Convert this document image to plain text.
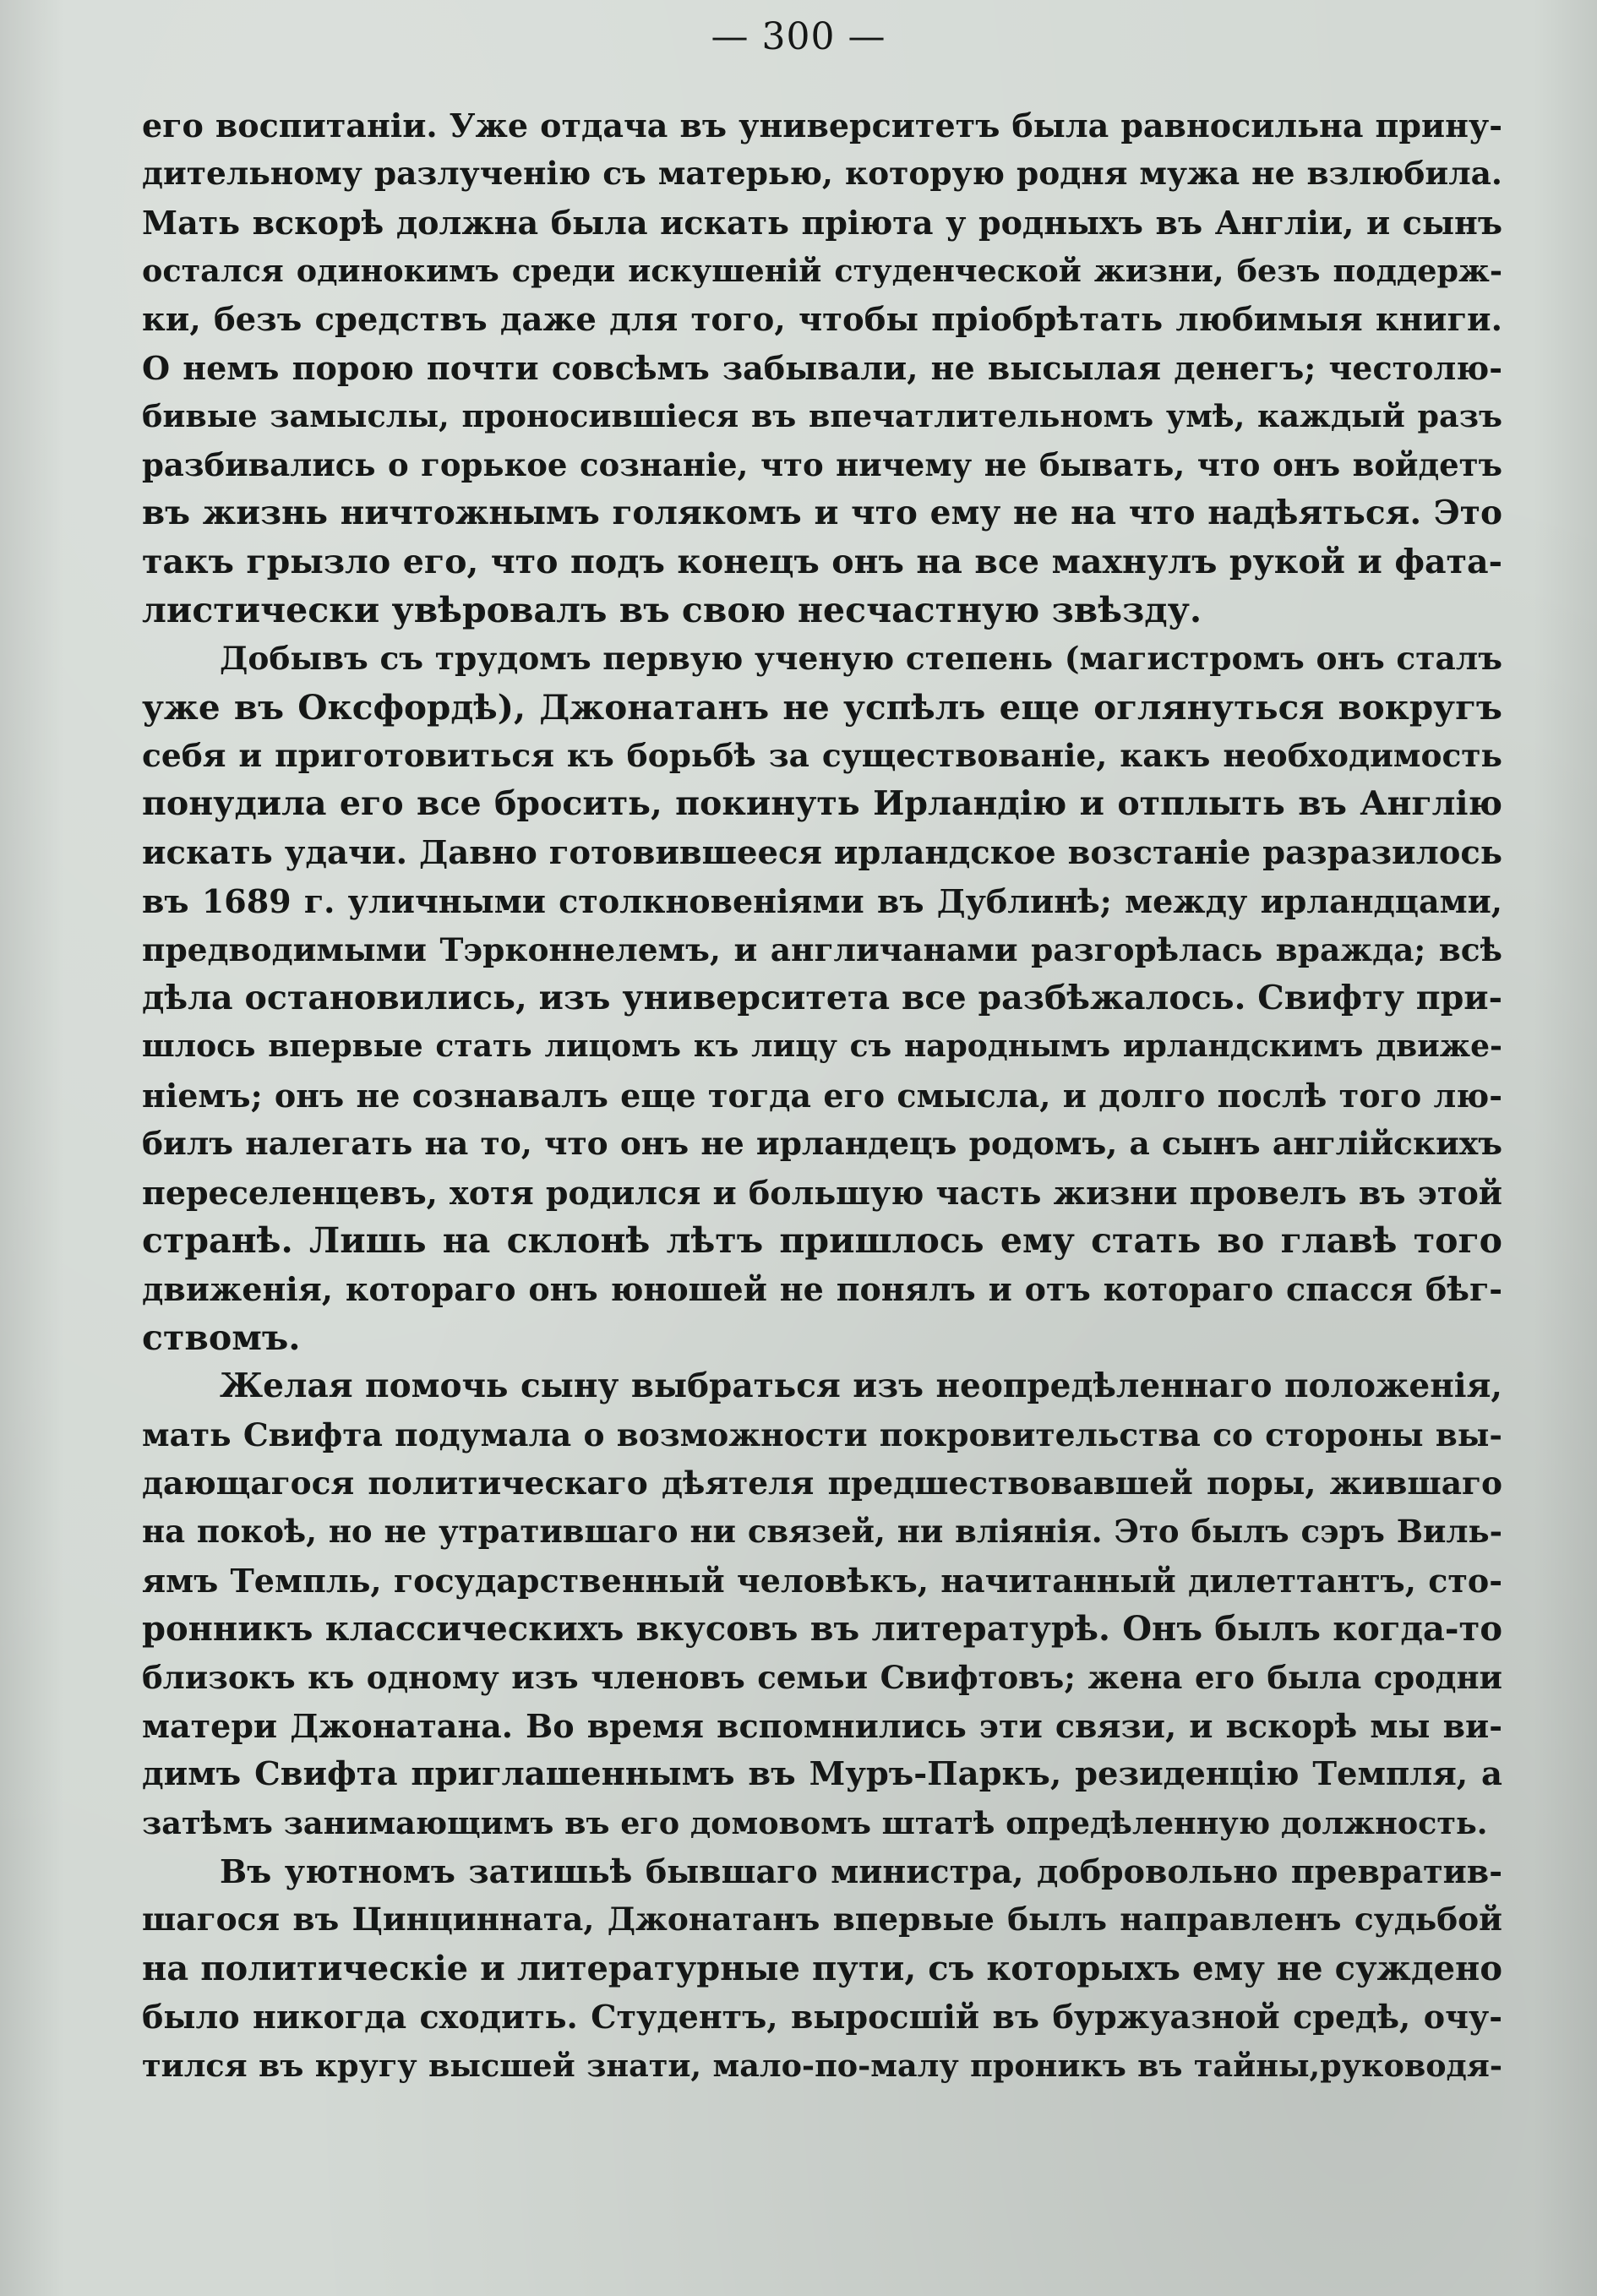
— 300 —
его воспитаніи. Уже отдача въ университетъ была равносильна прину-
дительному разлученію съ матерью, которую родня мужа не взлюбила.
Мать вскорѣ должна была искать пріюта у родныхъ въ Англіи, и сынъ
остался одинокимъ среди искушеній студенческой жизни, безъ поддерж-
ки, безъ средствъ даже для того, чтобы пріобрѣтать любимыя книги.
О немъ порою почти совсѣмъ забывали, не высылая денегъ; честолю-
бивые замыслы, проносившіеся въ впечатлительномъ умѣ, каждый разъ
разбивались о горькое сознаніе, что ничему не бывать, что онъ войдетъ
въ жизнь ничтожнымъ голякомъ и что ему не на что надѣяться. Это
такъ грызло его, что подъ конецъ онъ на все махнулъ рукой и фата-
листически увѣровалъ въ свою несчастную звѣзду.
Добывъ съ трудомъ первую ученую степень (магистромъ онъ сталъ
уже въ Оксфордѣ), Джонатанъ не успѣлъ еще оглянуться вокругъ
себя и приготовиться къ борьбѣ за существованіе, какъ необходимость
понудила его все бросить, покинуть Ирландію и отплыть въ Англію
искать удачи. Давно готовившееся ирландское возстаніе разразилось
въ 1689 г. уличными столкновеніями въ Дублинѣ; между ирландцами,
предводимыми Тэрконнелемъ, и англичанами разгорѣлась вражда; всѣ
дѣла остановились, изъ университета все разбѣжалось. Свифту при-
шлось впервые стать лицомъ къ лицу съ народнымъ ирландскимъ движе-
ніемъ; онъ не сознавалъ еще тогда его смысла, и долго послѣ того лю-
билъ налегать на то, что онъ не ирландецъ родомъ, а сынъ англійскихъ
переселенцевъ, хотя родился и большую часть жизни провелъ въ этой
странѣ. Лишь на склонѣ лѣтъ пришлось ему стать во главѣ того
движенія, котораго онъ юношей не понялъ и отъ котораго спасся бѣг-
ствомъ.
Желая помочь сыну выбраться изъ неопредѣленнаго положенія,
мать Свифта подумала о возможности покровительства со стороны вы-
дающагося политическаго дѣятеля предшествовавшей поры, жившаго
на покоѣ, но не утратившаго ни связей, ни вліянія. Это былъ сэръ Виль-
ямъ Темпль, государственный человѣкъ, начитанный дилеттантъ, сто-
ронникъ классическихъ вкусовъ въ литературѣ. Онъ былъ когда-то
близокъ къ одному изъ членовъ семьи Свифтовъ; жена его была сродни
матери Джонатана. Во время вспомнились эти связи, и вскорѣ мы ви-
димъ Свифта приглашеннымъ въ Муръ-Паркъ, резиденцію Темпля, а
затѣмъ занимающимъ въ его домовомъ штатѣ опредѣленную должность.
Въ уютномъ затишьѣ бывшаго министра, добровольно превратив-
шагося въ Цинцинната, Джонатанъ впервые былъ направленъ судьбой
на политическіе и литературные пути, съ которыхъ ему не суждено
было никогда сходить. Студентъ, выросшій въ буржуазной средѣ, очу-
тился въ кругу высшей знати, мало-по-малу проникъ въ тайны,руководя-
